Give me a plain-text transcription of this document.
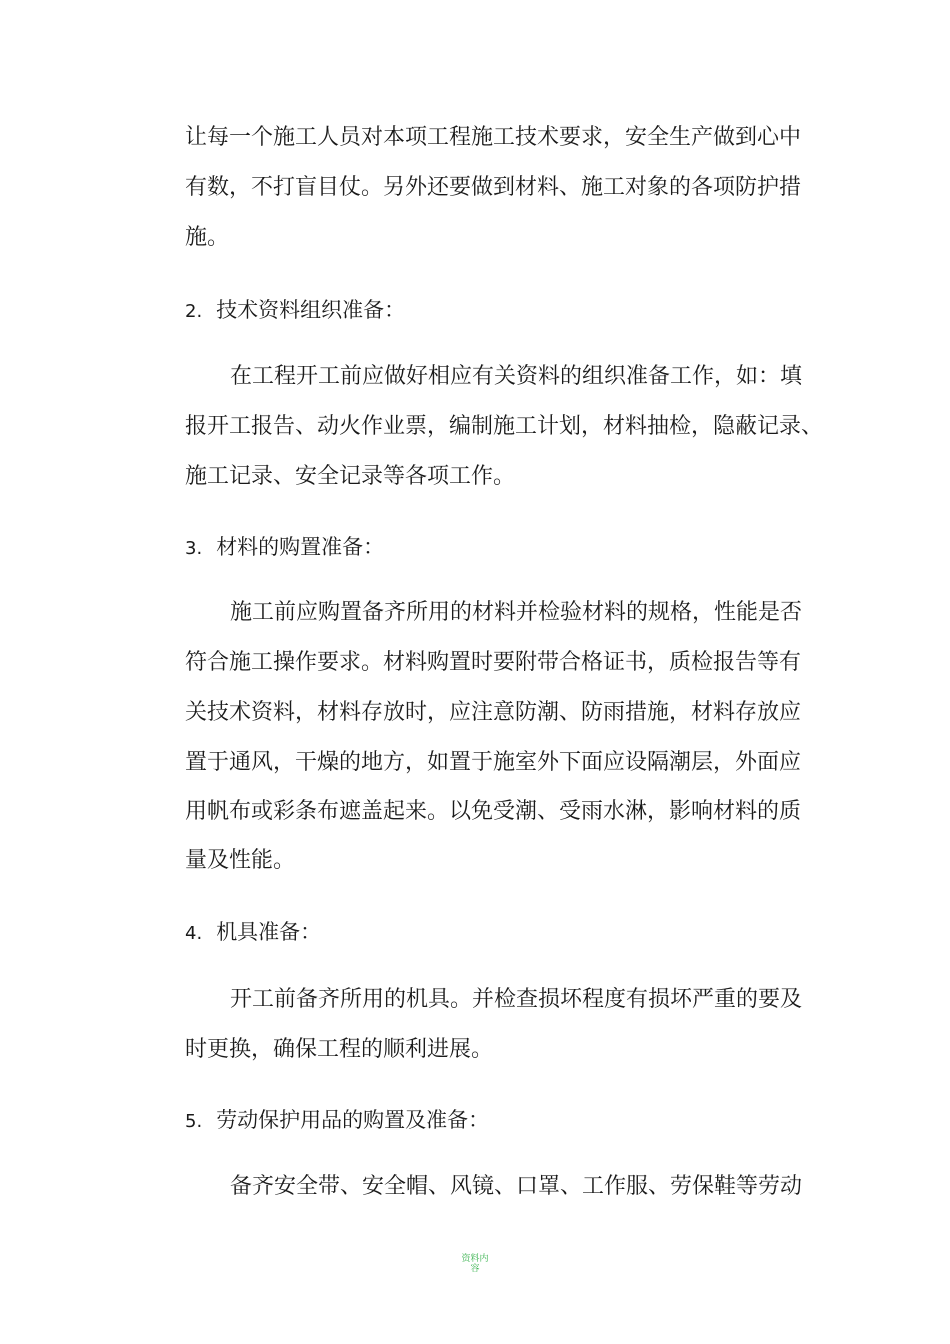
让每一个施工人员对本项工程施工技术要求，安全生产做到心中
有数，不打盲目仗。另外还要做到材料、施工对象的各项防护措
施。
2. 技术资料组织准备：
在工程开工前应做好相应有关资料的组织准备工作，如：填
报开工报告、动火作业票，编制施工计划，材料抽检，隐蔽记录、
施工记录、安全记录等各项工作。
3. 材料的购置准备：
施工前应购置备齐所用的材料并检验材料的规格，性能是否
符合施工操作要求。材料购置时要附带合格证书，质检报告等有
关技术资料，材料存放时，应注意防潮、防雨措施，材料存放应
置于通风，干燥的地方，如置于施室外下面应设隔潮层，外面应
用帆布或彩条布遮盖起来。以免受潮、受雨水淋，影响材料的质
量及性能。
4. 机具准备：
开工前备齐所用的机具。并检查损坏程度有损坏严重的要及
时更换，确保工程的顺利进展。
5. 劳动保护用品的购置及准备：
备齐安全带、安全帽、风镜、口罩、工作服、劳保鞋等劳动
资料内容
